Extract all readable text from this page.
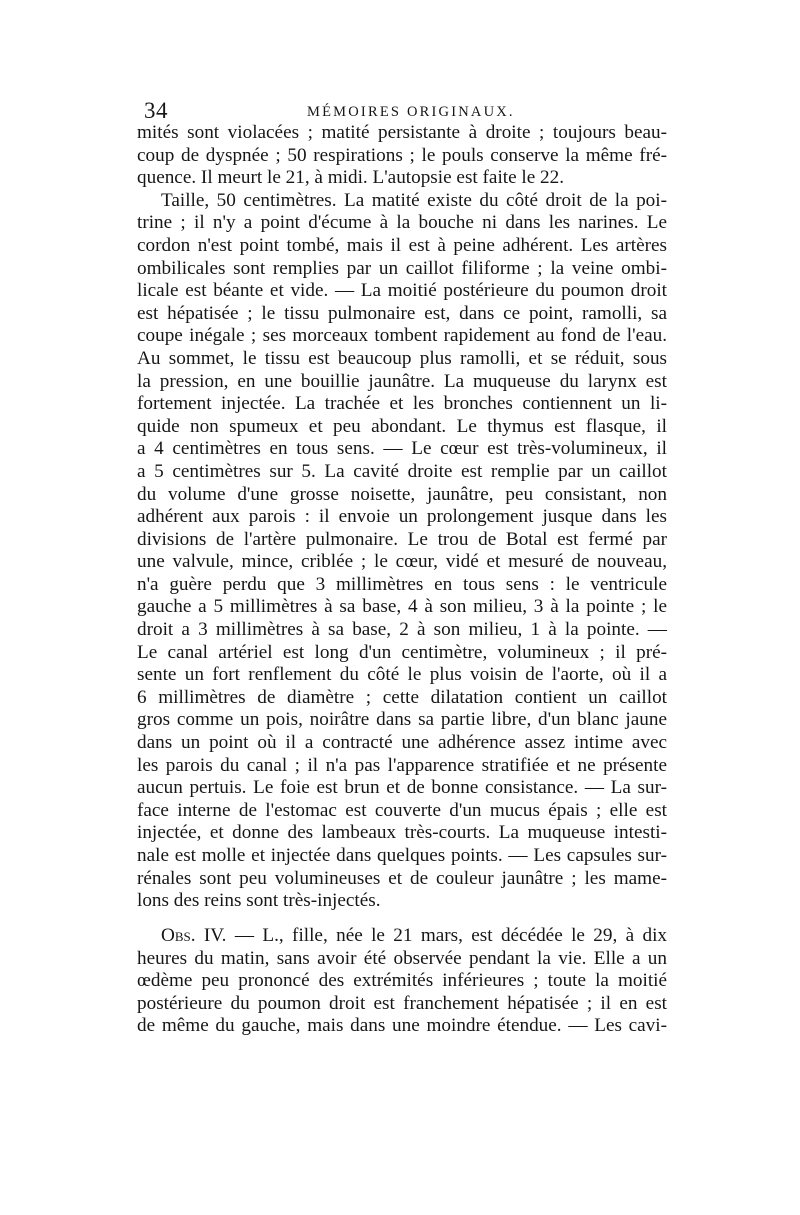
34	MÉMOIRES ORIGINAUX.
mités sont violacées ; matité persistante à droite ; toujours beau-
coup de dyspnée ; 50 respirations ; le pouls conserve la même fré-
quence. Il meurt le 21, à midi. L'autopsie est faite le 22.
Taille, 50 centimètres. La matité existe du côté droit de la poi-
trine ; il n'y a point d'écume à la bouche ni dans les narines. Le
cordon n'est point tombé, mais il est à peine adhérent. Les artères
ombilicales sont remplies par un caillot filiforme ; la veine ombi-
licale est béante et vide. — La moitié postérieure du poumon droit
est hépatisée ; le tissu pulmonaire est, dans ce point, ramolli, sa
coupe inégale ; ses morceaux tombent rapidement au fond de l'eau.
Au sommet, le tissu est beaucoup plus ramolli, et se réduit, sous
la pression, en une bouillie jaunâtre. La muqueuse du larynx est
fortement injectée. La trachée et les bronches contiennent un li-
quide non spumeux et peu abondant. Le thymus est flasque, il
a 4 centimètres en tous sens. — Le cœur est très-volumineux, il
a 5 centimètres sur 5. La cavité droite est remplie par un caillot
du volume d'une grosse noisette, jaunâtre, peu consistant, non
adhérent aux parois : il envoie un prolongement jusque dans les
divisions de l'artère pulmonaire. Le trou de Botal est fermé par
une valvule, mince, criblée ; le cœur, vidé et mesuré de nouveau,
n'a guère perdu que 3 millimètres en tous sens : le ventricule
gauche a 5 millimètres à sa base, 4 à son milieu, 3 à la pointe ; le
droit a 3 millimètres à sa base, 2 à son milieu, 1 à la pointe. —
Le canal artériel est long d'un centimètre, volumineux ; il pré-
sente un fort renflement du côté le plus voisin de l'aorte, où il a
6 millimètres de diamètre ; cette dilatation contient un caillot
gros comme un pois, noirâtre dans sa partie libre, d'un blanc jaune
dans un point où il a contracté une adhérence assez intime avec
les parois du canal ; il n'a pas l'apparence stratifiée et ne présente
aucun pertuis. Le foie est brun et de bonne consistance. — La sur-
face interne de l'estomac est couverte d'un mucus épais ; elle est
injectée, et donne des lambeaux très-courts. La muqueuse intesti-
nale est molle et injectée dans quelques points. — Les capsules sur-
rénales sont peu volumineuses et de couleur jaunâtre ; les mame-
lons des reins sont très-injectés.
Obs. IV. — L., fille, née le 21 mars, est décédée le 29, à dix
heures du matin, sans avoir été observée pendant la vie. Elle a un
œdème peu prononcé des extrémités inférieures ; toute la moitié
postérieure du poumon droit est franchement hépatisée ; il en est
de même du gauche, mais dans une moindre étendue. — Les cavi-
